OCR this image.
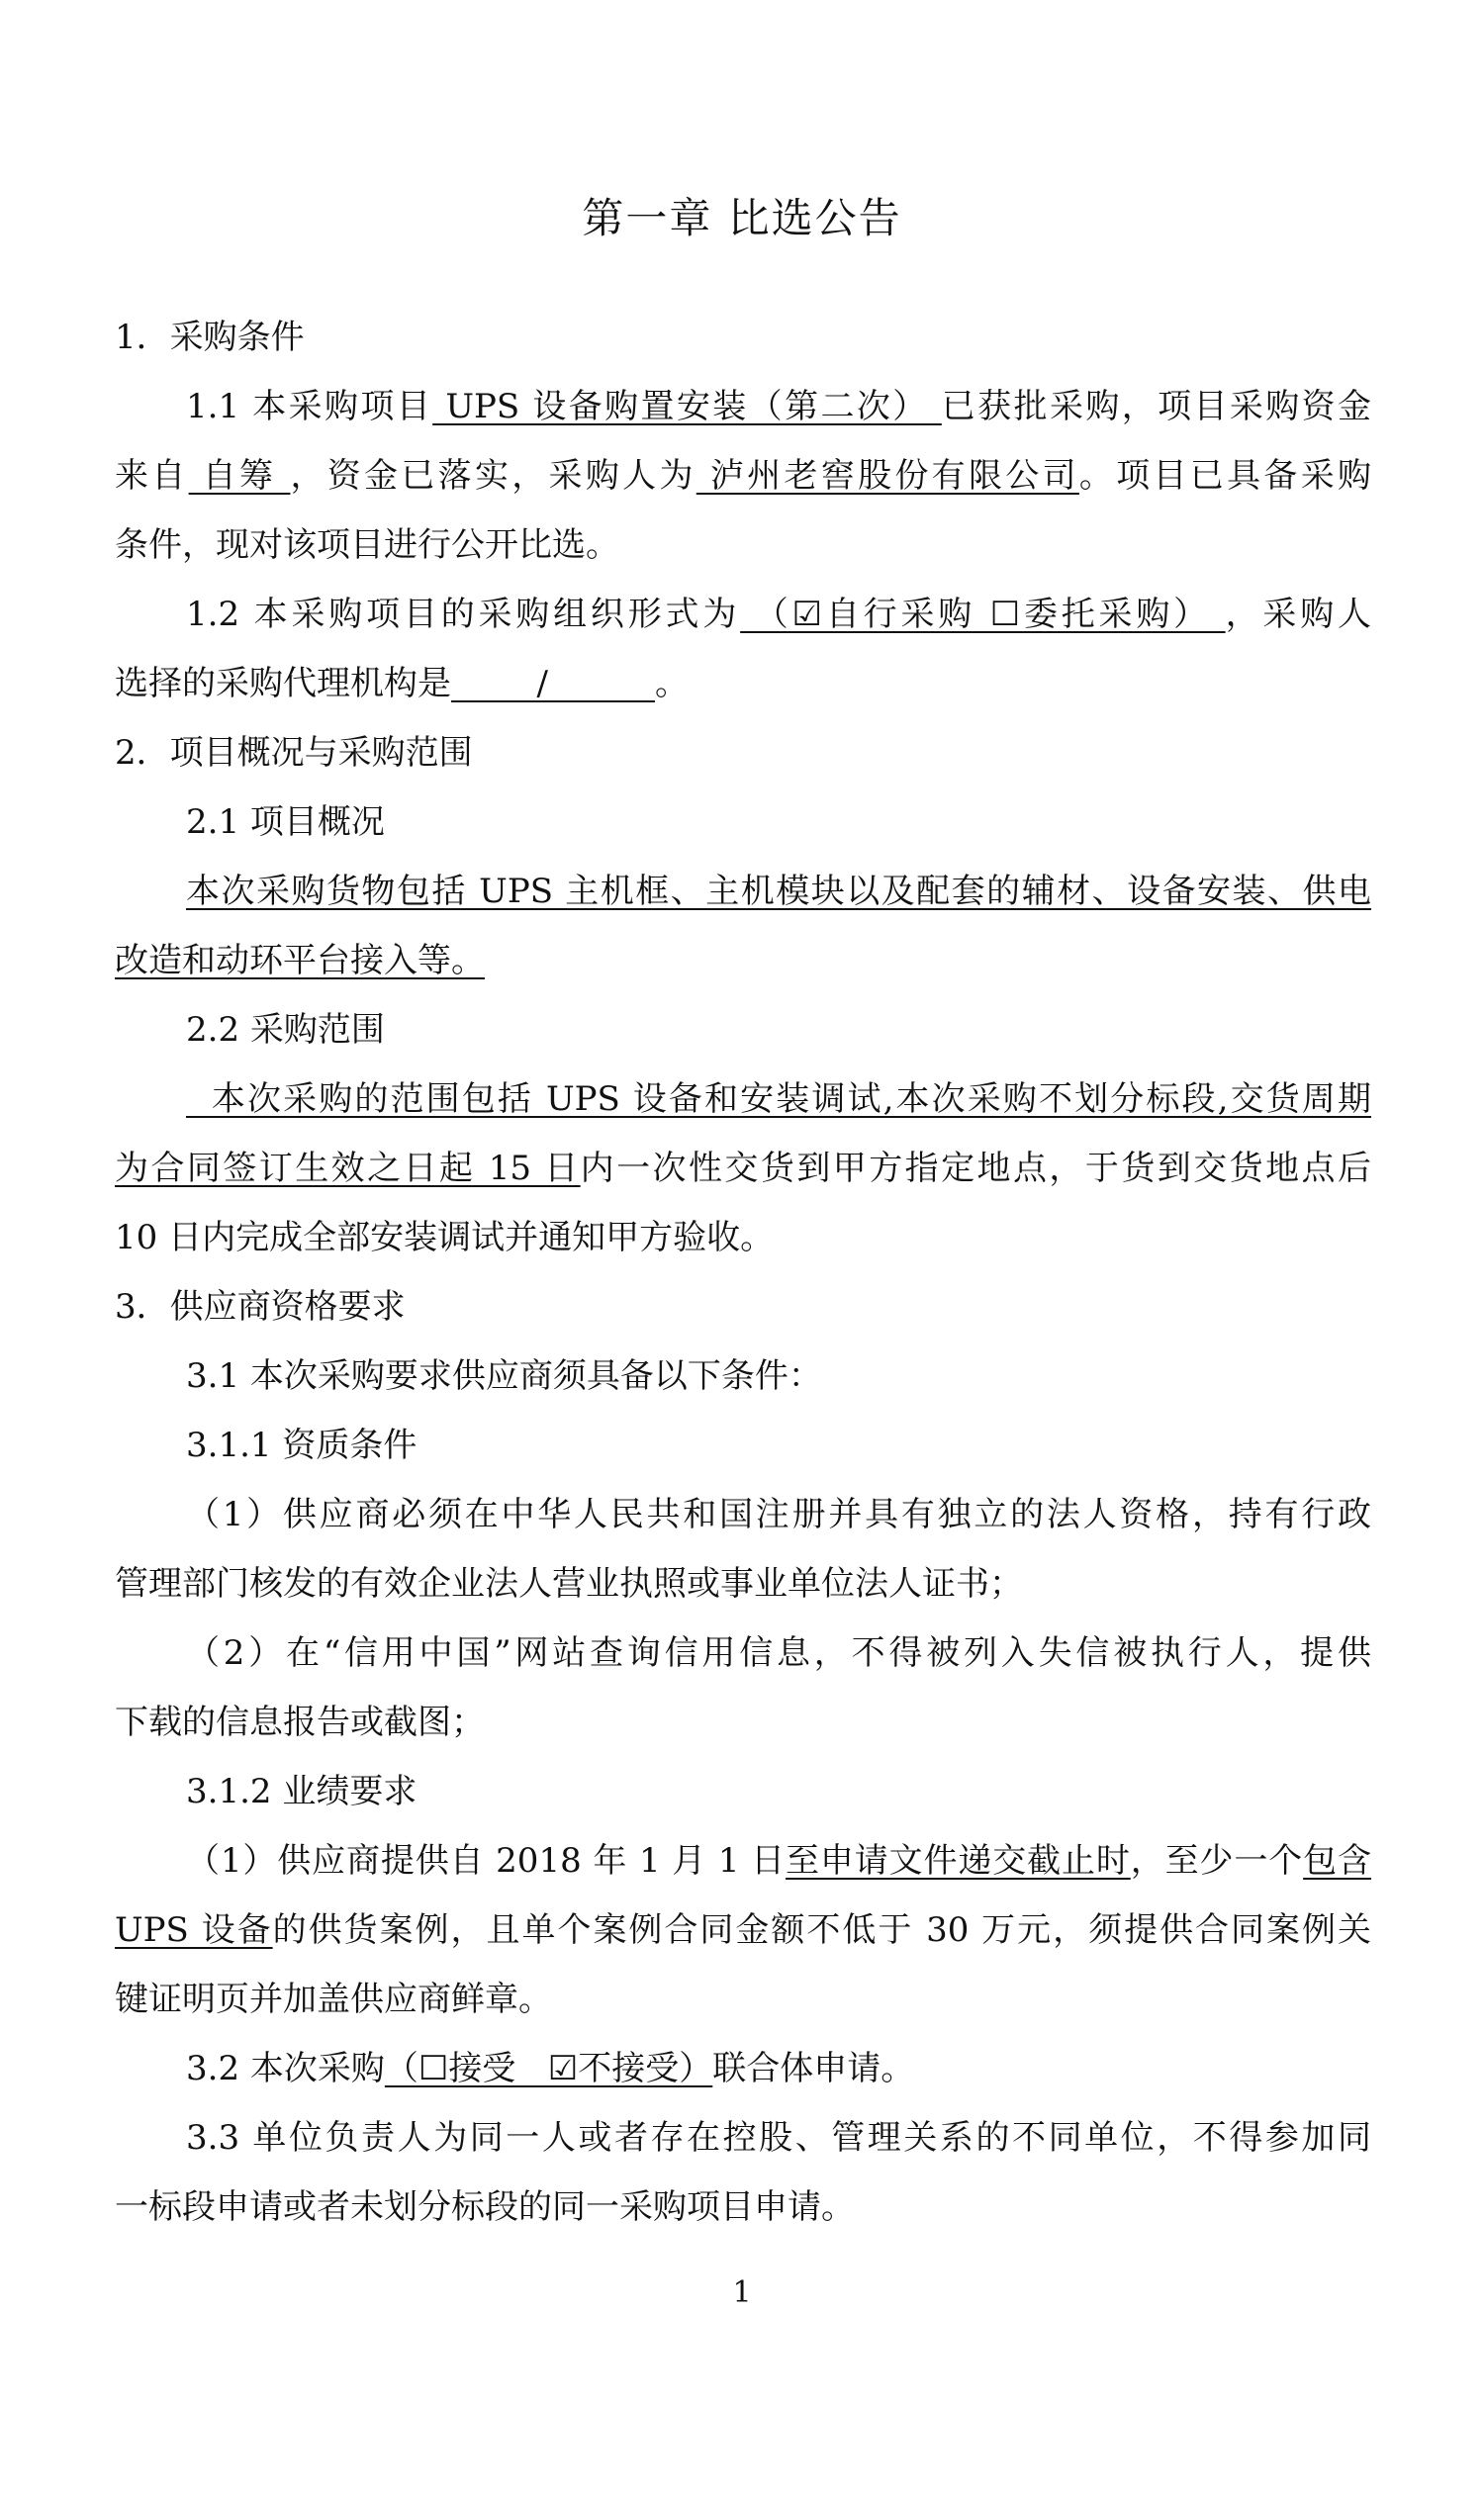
第一章 比选公告
1．采购条件
1.1 本采购项目 UPS 设备购置安装（第二次） 已获批采购，项目采购资金
来自 自筹 ，资金已落实，采购人为 泸州老窖股份有限公司。项目已具备采购
条件，现对该项目进行公开比选。
1.2 本采购项目的采购组织形式为 （☑自行采购 ☐委托采购） ，采购人
选择的采购代理机构是        /          。
2．项目概况与采购范围
2.1 项目概况
本次采购货物包括 UPS 主机框、主机模块以及配套的辅材、设备安装、供电
改造和动环平台接入等。
2.2 采购范围
本次采购的范围包括 UPS 设备和安装调试,本次采购不划分标段,交货周期
为合同签订生效之日起 15 日内一次性交货到甲方指定地点，于货到交货地点后
10 日内完成全部安装调试并通知甲方验收。
3．供应商资格要求
3.1 本次采购要求供应商须具备以下条件：
3.1.1 资质条件
（1）供应商必须在中华人民共和国注册并具有独立的法人资格，持有行政
管理部门核发的有效企业法人营业执照或事业单位法人证书；
（2）在“信用中国”网站查询信用信息，不得被列入失信被执行人，提供
下载的信息报告或截图；
3.1.2 业绩要求
（1）供应商提供自 2018 年 1 月 1 日至申请文件递交截止时，至少一个包含
UPS 设备的供货案例，且单个案例合同金额不低于 30 万元，须提供合同案例关
键证明页并加盖供应商鲜章。
3.2 本次采购（☐接受   ☑不接受）联合体申请。
3.3 单位负责人为同一人或者存在控股、管理关系的不同单位，不得参加同
一标段申请或者未划分标段的同一采购项目申请。
1
